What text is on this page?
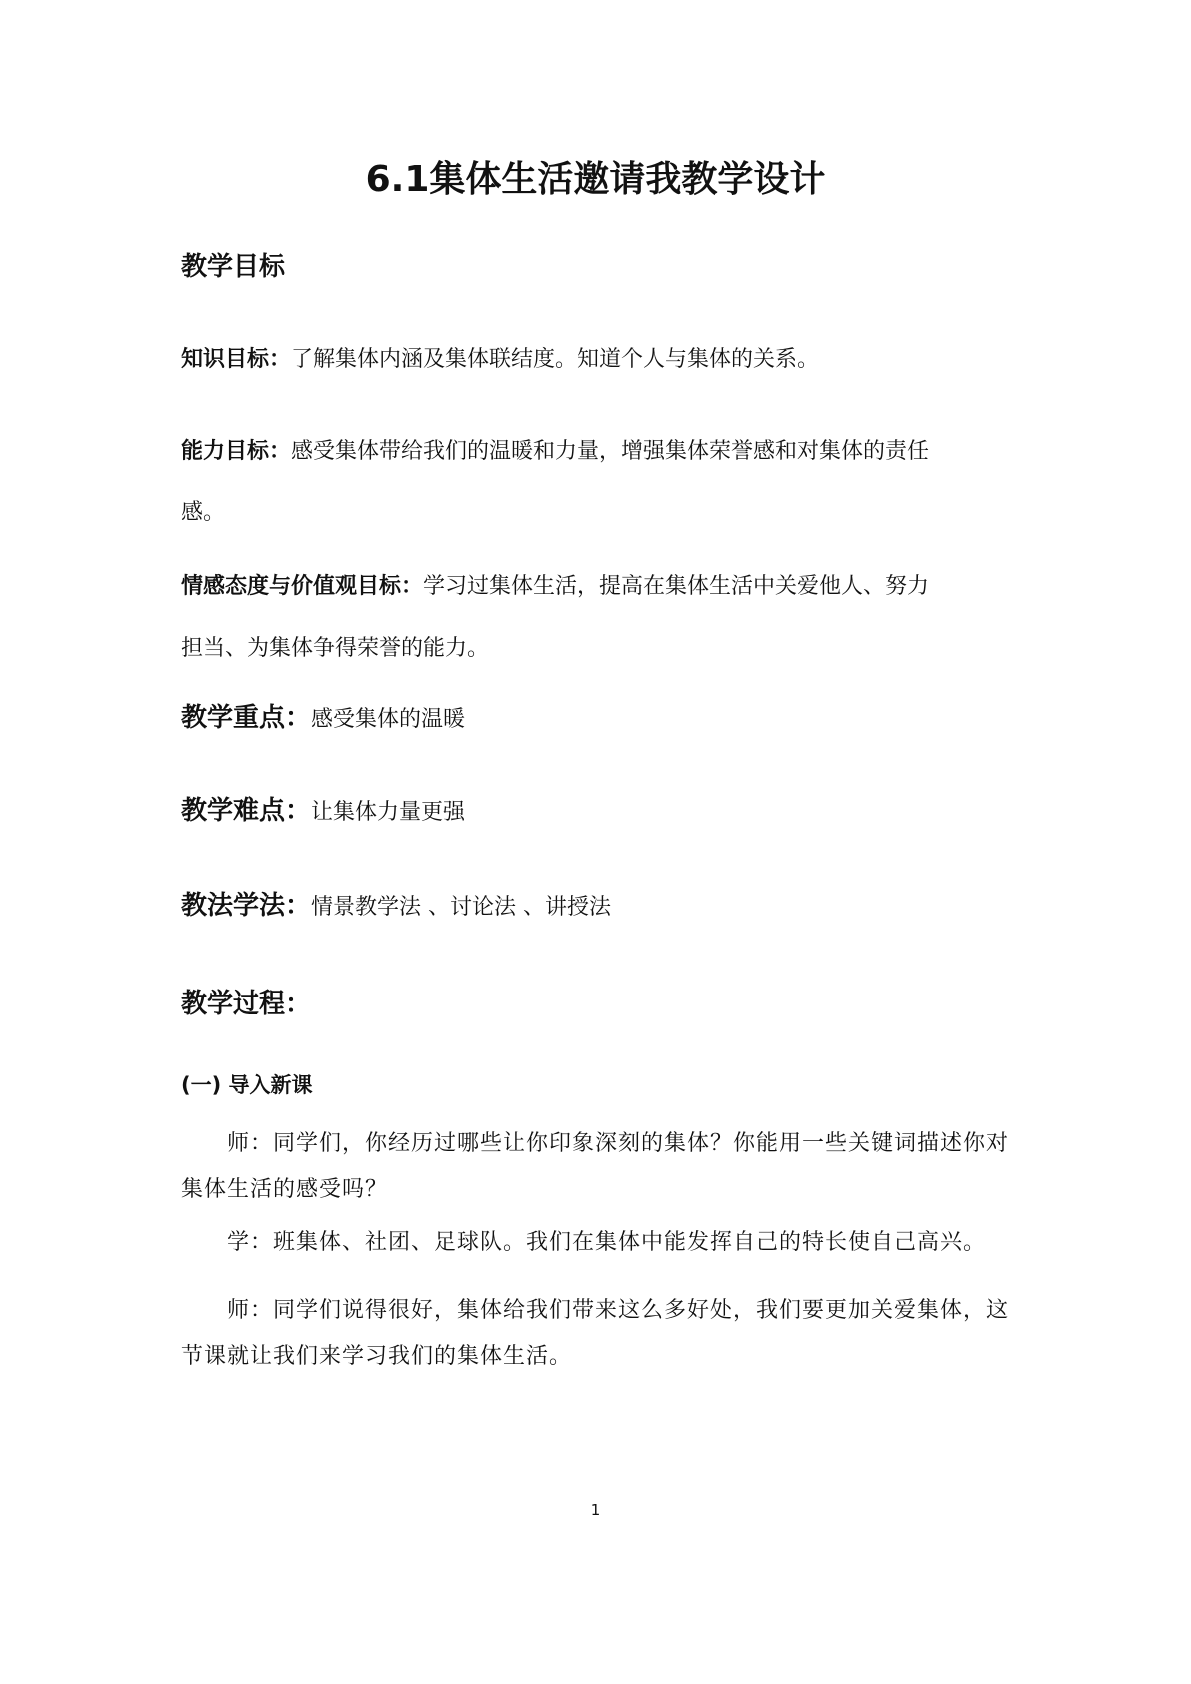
6.1集体生活邀请我教学设计
教学目标
知识目标：了解集体内涵及集体联结度。知道个人与集体的关系。
能力目标：感受集体带给我们的温暖和力量，增强集体荣誉感和对集体的责任
感。
情感态度与价值观目标：学习过集体生活，提高在集体生活中关爱他人、努力
担当、为集体争得荣誉的能力。
教学重点：感受集体的温暖
教学难点：让集体力量更强
教法学法：情景教学法 、讨论法 、讲授法
教学过程：
(一) 导入新课
师：同学们，你经历过哪些让你印象深刻的集体？你能用一些关键词描述你对集体生活的感受吗？
学：班集体、社团、足球队。我们在集体中能发挥自己的特长使自己高兴。
师：同学们说得很好，集体给我们带来这么多好处，我们要更加关爱集体，这节课就让我们来学习我们的集体生活。
1
